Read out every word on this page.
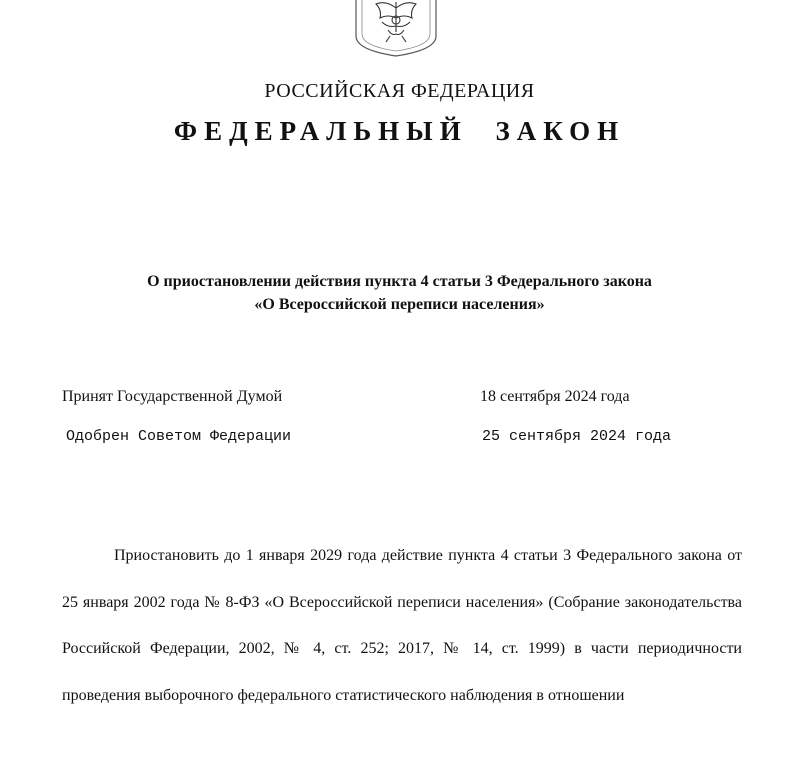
РОССИЙСКАЯ ФЕДЕРАЦИЯ
ФЕДЕРАЛЬНЫЙ ЗАКОН
О приостановлении действия пункта 4 статьи 3 Федерального закона
«О Всероссийской переписи населения»
Принят Государственной Думой	18 сентября 2024 года
Одобрен Советом Федерации	25 сентября 2024 года

Приостановить до 1 января 2029 года действие пункта 4 статьи 3 Федерального закона от 25 января 2002 года № 8-ФЗ «О Всероссийской переписи населения» (Собрание законодательства Российской Федерации, 2002, № 4, ст. 252; 2017, № 14, ст. 1999) в части периодичности проведения выборочного федерального статистического наблюдения в отношении
